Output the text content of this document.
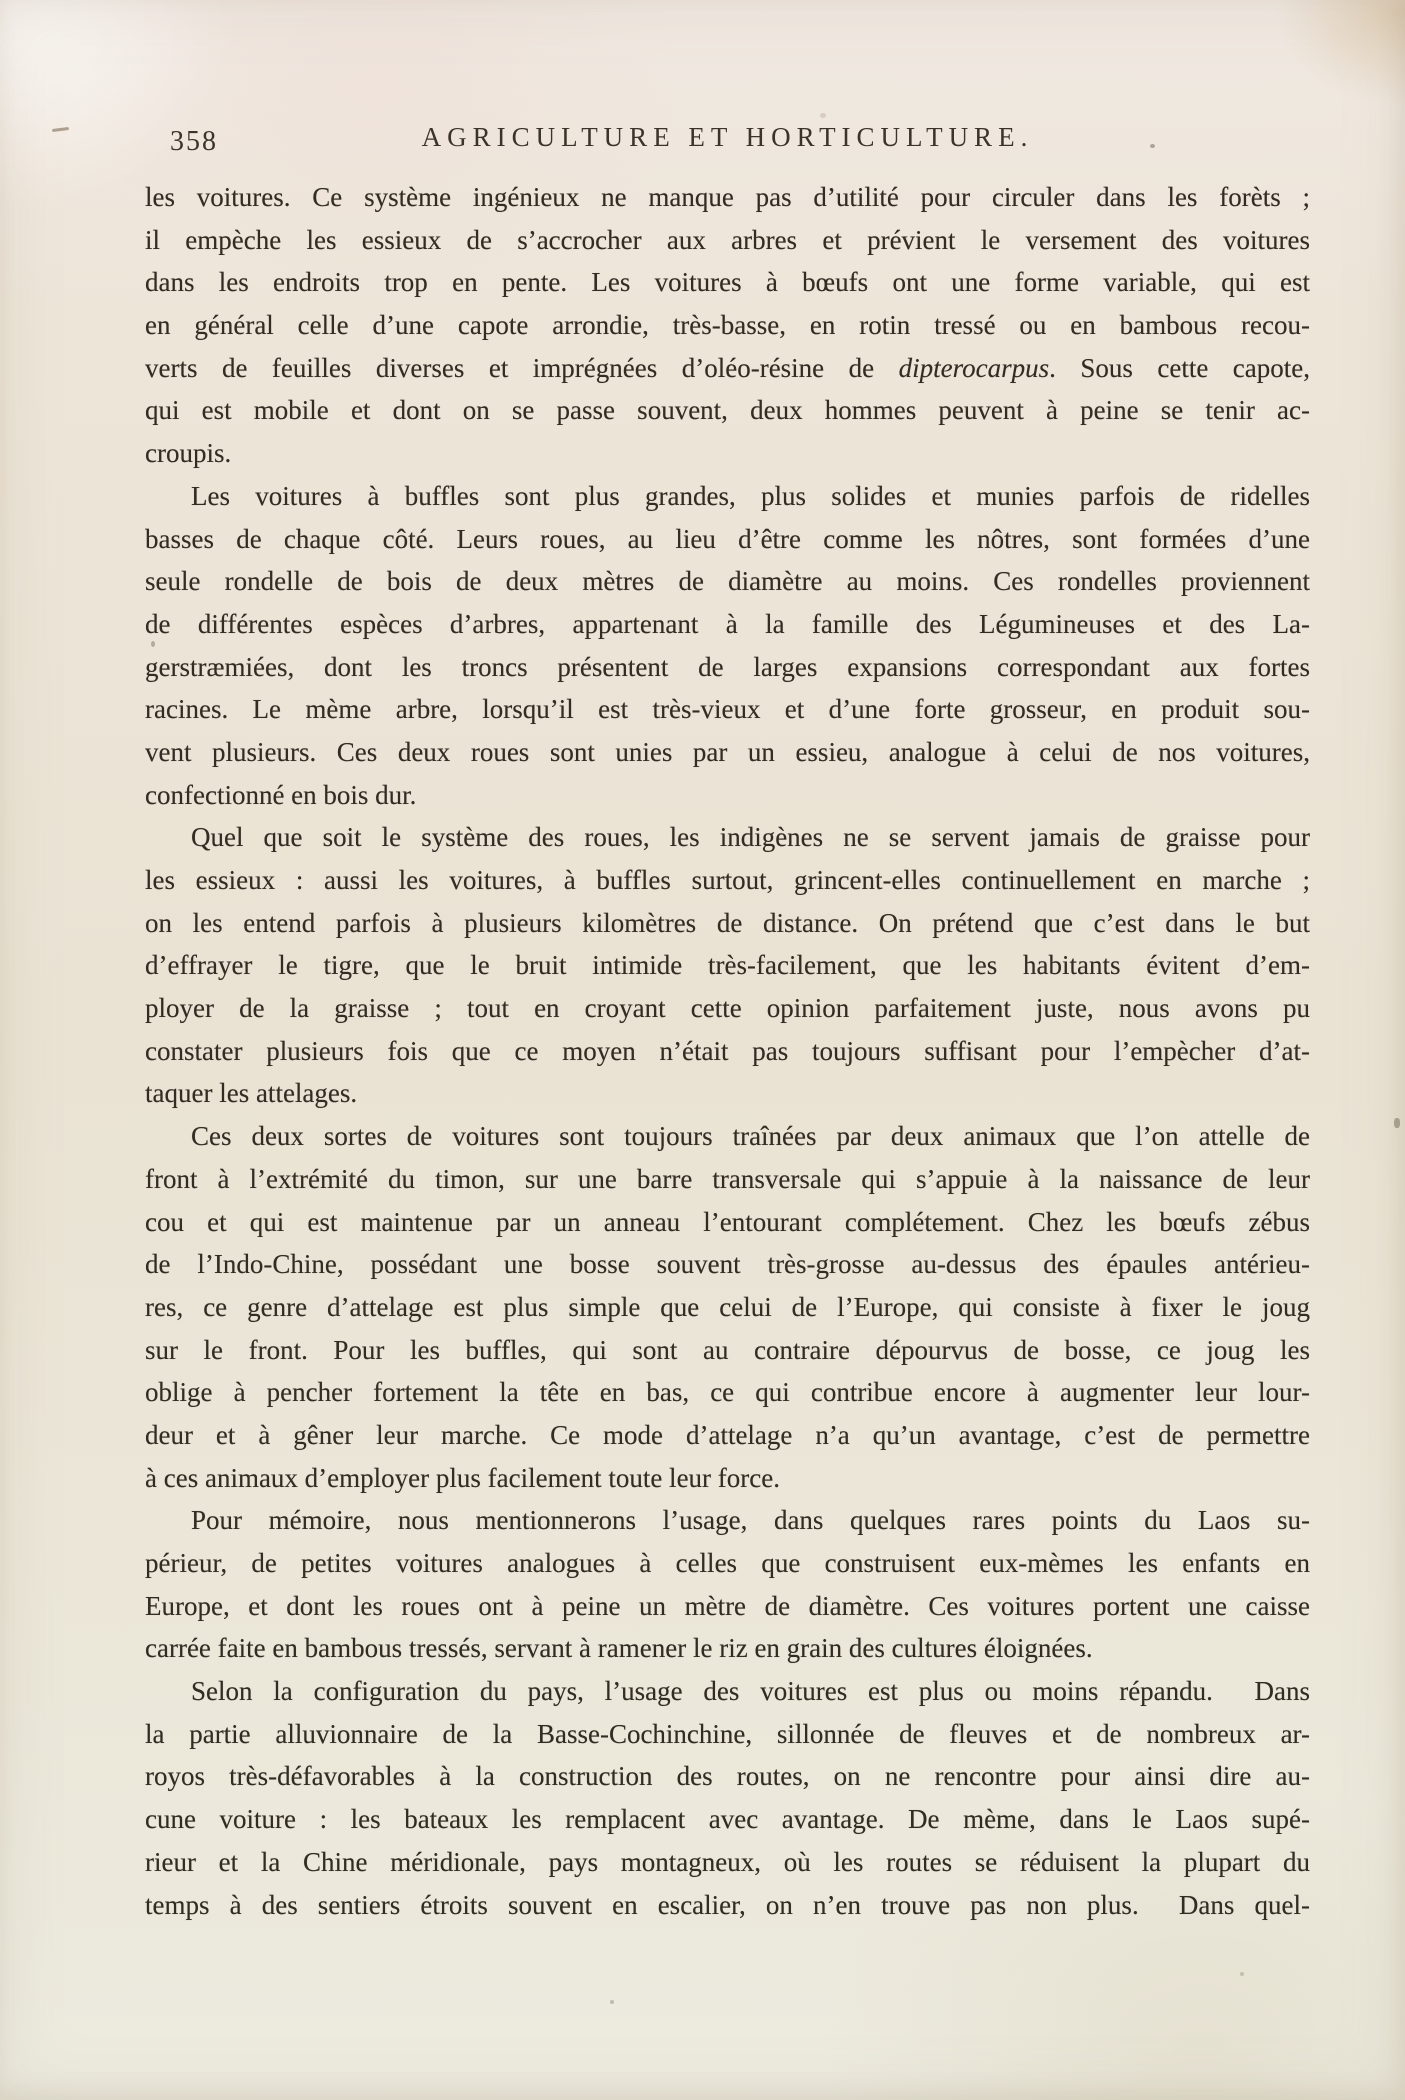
358	AGRICULTURE ET HORTICULTURE.
les voitures. Ce système ingénieux ne manque pas d’utilité pour circuler dans les forèts ;
il empèche les essieux de s’accrocher aux arbres et prévient le versement des voitures
dans les endroits trop en pente. Les voitures à bœufs ont une forme variable, qui est
en général celle d’une capote arrondie, très-basse, en rotin tressé ou en bambous recou-
verts de feuilles diverses et imprégnées d’oléo-résine de dipterocarpus. Sous cette capote,
qui est mobile et dont on se passe souvent, deux hommes peuvent à peine se tenir ac-
croupis.
Les voitures à buffles sont plus grandes, plus solides et munies parfois de ridelles
basses de chaque côté. Leurs roues, au lieu d’être comme les nôtres, sont formées d’une
seule rondelle de bois de deux mètres de diamètre au moins. Ces rondelles proviennent
de différentes espèces d’arbres, appartenant à la famille des Légumineuses et des La-
gerstræmiées, dont les troncs présentent de larges expansions correspondant aux fortes
racines. Le mème arbre, lorsqu’il est très-vieux et d’une forte grosseur, en produit sou-
vent plusieurs. Ces deux roues sont unies par un essieu, analogue à celui de nos voitures,
confectionné en bois dur.
Quel que soit le système des roues, les indigènes ne se servent jamais de graisse pour
les essieux : aussi les voitures, à buffles surtout, grincent-elles continuellement en marche ;
on les entend parfois à plusieurs kilomètres de distance. On prétend que c’est dans le but
d’effrayer le tigre, que le bruit intimide très-facilement, que les habitants évitent d’em-
ployer de la graisse ; tout en croyant cette opinion parfaitement juste, nous avons pu
constater plusieurs fois que ce moyen n’était pas toujours suffisant pour l’empècher d’at-
taquer les attelages.
Ces deux sortes de voitures sont toujours traînées par deux animaux que l’on attelle de
front à l’extrémité du timon, sur une barre transversale qui s’appuie à la naissance de leur
cou et qui est maintenue par un anneau l’entourant complétement. Chez les bœufs zébus
de l’Indo-Chine, possédant une bosse souvent très-grosse au-dessus des épaules antérieu-
res, ce genre d’attelage est plus simple que celui de l’Europe, qui consiste à fixer le joug
sur le front. Pour les buffles, qui sont au contraire dépourvus de bosse, ce joug les
oblige à pencher fortement la tête en bas, ce qui contribue encore à augmenter leur lour-
deur et à gêner leur marche. Ce mode d’attelage n’a qu’un avantage, c’est de permettre
à ces animaux d’employer plus facilement toute leur force.
Pour mémoire, nous mentionnerons l’usage, dans quelques rares points du Laos su-
périeur, de petites voitures analogues à celles que construisent eux-mèmes les enfants en
Europe, et dont les roues ont à peine un mètre de diamètre. Ces voitures portent une caisse
carrée faite en bambous tressés, servant à ramener le riz en grain des cultures éloignées.
Selon la configuration du pays, l’usage des voitures est plus ou moins répandu.  Dans
la partie alluvionnaire de la Basse-Cochinchine, sillonnée de fleuves et de nombreux ar-
royos très-défavorables à la construction des routes, on ne rencontre pour ainsi dire au-
cune voiture : les bateaux les remplacent avec avantage. De mème, dans le Laos supé-
rieur et la Chine méridionale, pays montagneux, où les routes se réduisent la plupart du
temps à des sentiers étroits souvent en escalier, on n’en trouve pas non plus.  Dans quel-
